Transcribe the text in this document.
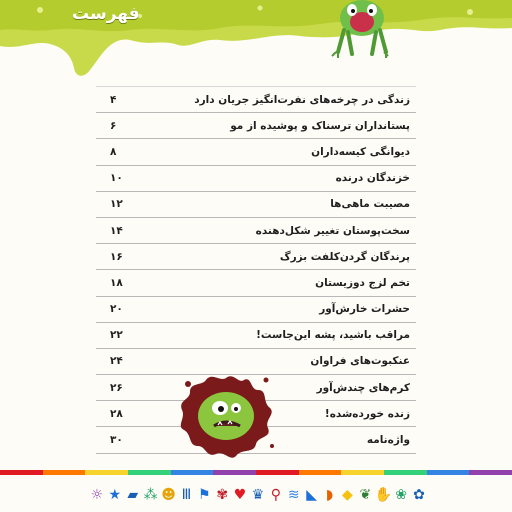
فهرست
زندگی در چرخه‌های نفرت‌انگیز جریان دارد
۴
پستانداران ترسناک و پوشیده از مو
۶
دیوانگی کیسه‌داران
۸
خزندگان درنده
۱۰
مصیبت ماهی‌ها
۱۲
سخت‌پوستان تغییر شکل‌دهنده
۱۴
پرندگان گردن‌کلفت بزرگ
۱۶
تخم لزج دوزیستان
۱۸
حشرات خارش‌آور
۲۰
مراقب باشید، پشه این‌جاست!
۲۲
عنکبوت‌های فراوان
۲۴
کرم‌های چندش‌آور
۲۶
زنده خورده‌شده!
۲۸
واژه‌نامه
۳۰
✿
❀
✋
❦
◆
◗
◣
≋
⚲
♛
♥
✾
⚑
Ⅲ
☻
⁂
▰
★
☼
